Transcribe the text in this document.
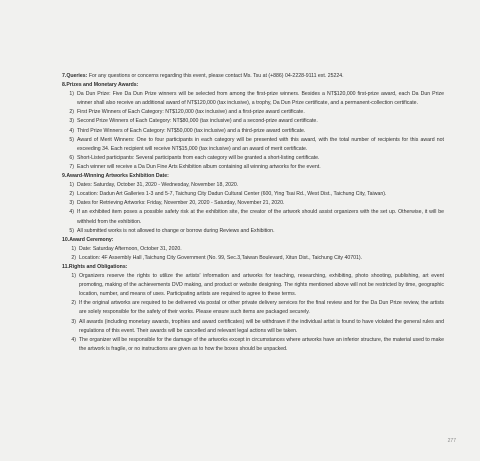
7.Queries: For any questions or concerns regarding this event, please contact Ms. Tsu at (+886) 04-2228-9111 ext. 25224.

8.Prizes and Monetary Awards:

1) Da Dun Prize: Five Da Dun Prize winners will be selected from among the first-prize winners. Besides a NT$120,000 first-prize award, each Da Dun Prize winner shall also receive an additional award of NT$120,000 (tax inclusive), a trophy, Da Dun Prize certificate, and a permanent-collection certificate.
2) First Prize Winners of Each Category: NT$120,000 (tax inclusive) and a first-prize award certificate.
3) Second Prize Winners of Each Category: NT$80,000 (tax inclusive) and a second-prize award certificate.
4) Third Prize Winners of Each Category: NT$50,000 (tax inclusive) and a third-prize award certificate.
5) Award of Merit Winners: One to four participants in each category will be presented with this award, with the total number of recipients for this award not exceeding 34. Each recipient will receive NT$15,000 (tax inclusive) and an award of merit certificate.
6) Short-Listed participants: Several participants from each category will be granted a short-listing certificate.
7) Each winner will receive a Da Dun Fine Arts Exhibition album containing all winning artworks for the event.

9.Award-Winning Artworks Exhibition Date:

1) Dates: Saturday, October 31, 2020 - Wednesday, November 18, 2020.
2) Location: Dadun Art Galleries 1-3 and 5-7, Taichung City Dadun Cultural Center (600, Ying Tsai Rd., West Dist., Taichung City, Taiwan).
3) Dates for Retrieving Artworks: Friday, November 20, 2020 - Saturday, November 21, 2020.
4) If an exhibited item poses a possible safety risk at the exhibition site, the creator of the artwork should assist organizers with the set up. Otherwise, it will be withheld from the exhibition.
5) All submitted works is not allowed to change or borrow during Reviews and Exhibition.

10.Award Ceremony:

1) Date: Saturday Afternoon, October 31, 2020.
2) Location: 4F Assembly Hall ,Taichung City Government (No. 99, Sec.3,Taiwan Boulevard, Xitun Dist., Taichung City 40701).

11.Rights and Obligations:

1) Organizers reserve the rights to utilize the artists' information and artworks for teaching, researching, exhibiting, photo shooting, publishing, art event promoting, making of the achievements DVD making, and product or website designing. The rights mentioned above will not be restricted by time, geographic location, number, and means of uses. Participating artists are required to agree to these terms.
2) If the original artworks are required to be delivered via postal or other private delivery services for the final review and for the Da Dun Prize review, the artists are solely responsible for the safety of their works. Please ensure such items are packaged securely.
3) All awards (including monetary awards, trophies and award certificates) will be withdrawn if the individual artist is found to have violated the general rules and regulations of this event. Their awards will be cancelled and relevant legal actions will be taken.
4) The organizer will be responsible for the damage of the artworks except in circumstances where artworks have an inferior structure, the material used to make the artwork is fragile, or no instructions are given as to how the boxes should be unpacked.
277
